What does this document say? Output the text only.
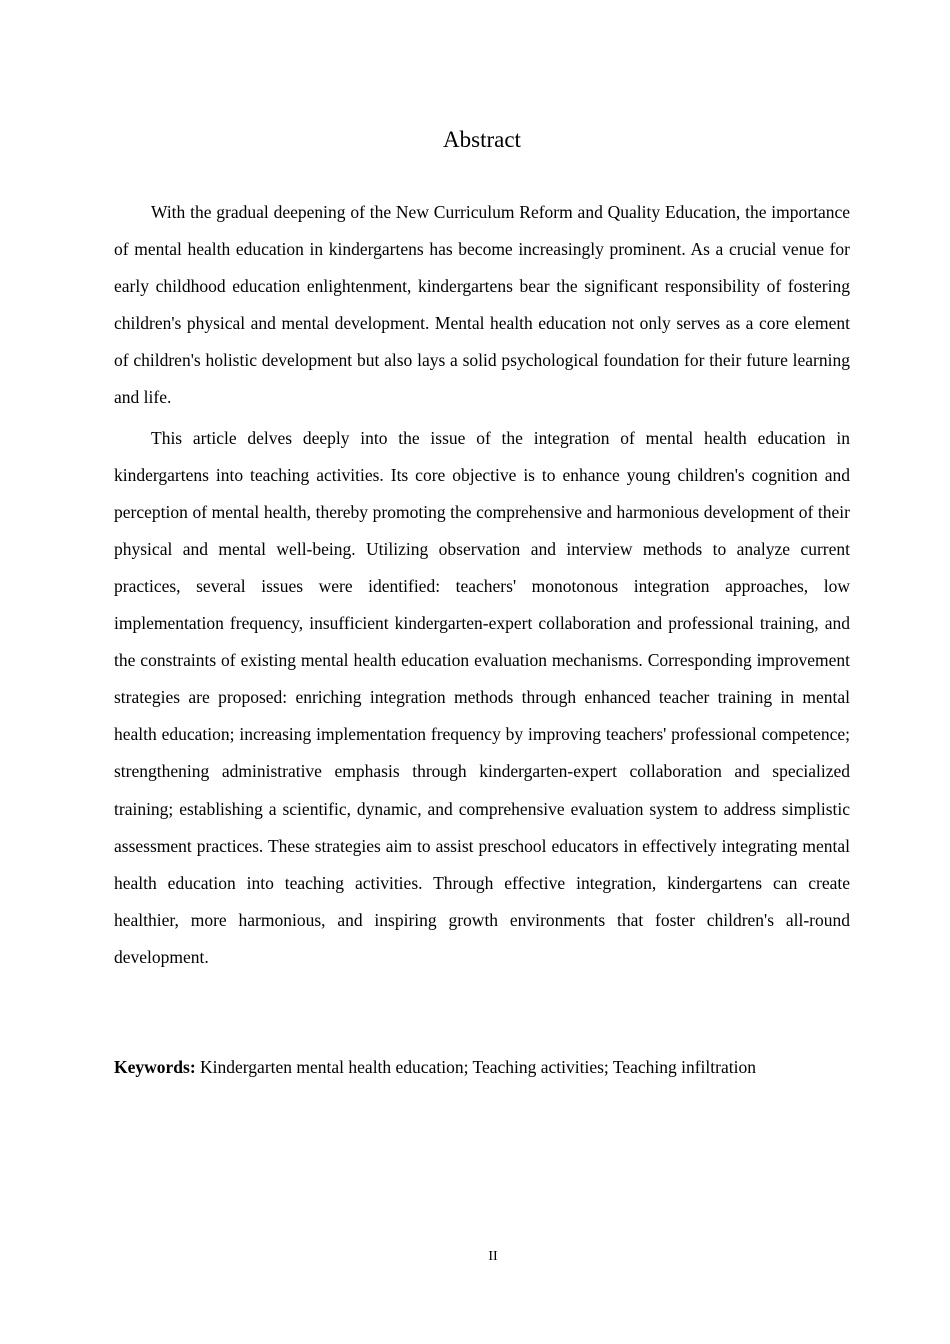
Abstract

With the gradual deepening of the New Curriculum Reform and Quality Education, the importance of mental health education in kindergartens has become increasingly prominent. As a crucial venue for early childhood education enlightenment, kindergartens bear the significant responsibility of fostering children's physical and mental development. Mental health education not only serves as a core element of children's holistic development but also lays a solid psychological foundation for their future learning and life.

This article delves deeply into the issue of the integration of mental health education in kindergartens into teaching activities. Its core objective is to enhance young children's cognition and perception of mental health, thereby promoting the comprehensive and harmonious development of their physical and mental well-being. Utilizing observation and interview methods to analyze current practices, several issues were identified: teachers' monotonous integration approaches, low implementation frequency, insufficient kindergarten-expert collaboration and professional training, and the constraints of existing mental health education evaluation mechanisms. Corresponding improvement strategies are proposed: enriching integration methods through enhanced teacher training in mental health education; increasing implementation frequency by improving teachers' professional competence; strengthening administrative emphasis through kindergarten-expert collaboration and specialized training; establishing a scientific, dynamic, and comprehensive evaluation system to address simplistic assessment practices. These strategies aim to assist preschool educators in effectively integrating mental health education into teaching activities. Through effective integration, kindergartens can create healthier, more harmonious, and inspiring growth environments that foster children's all-round development.

Keywords: Kindergarten mental health education; Teaching activities; Teaching infiltration

II
